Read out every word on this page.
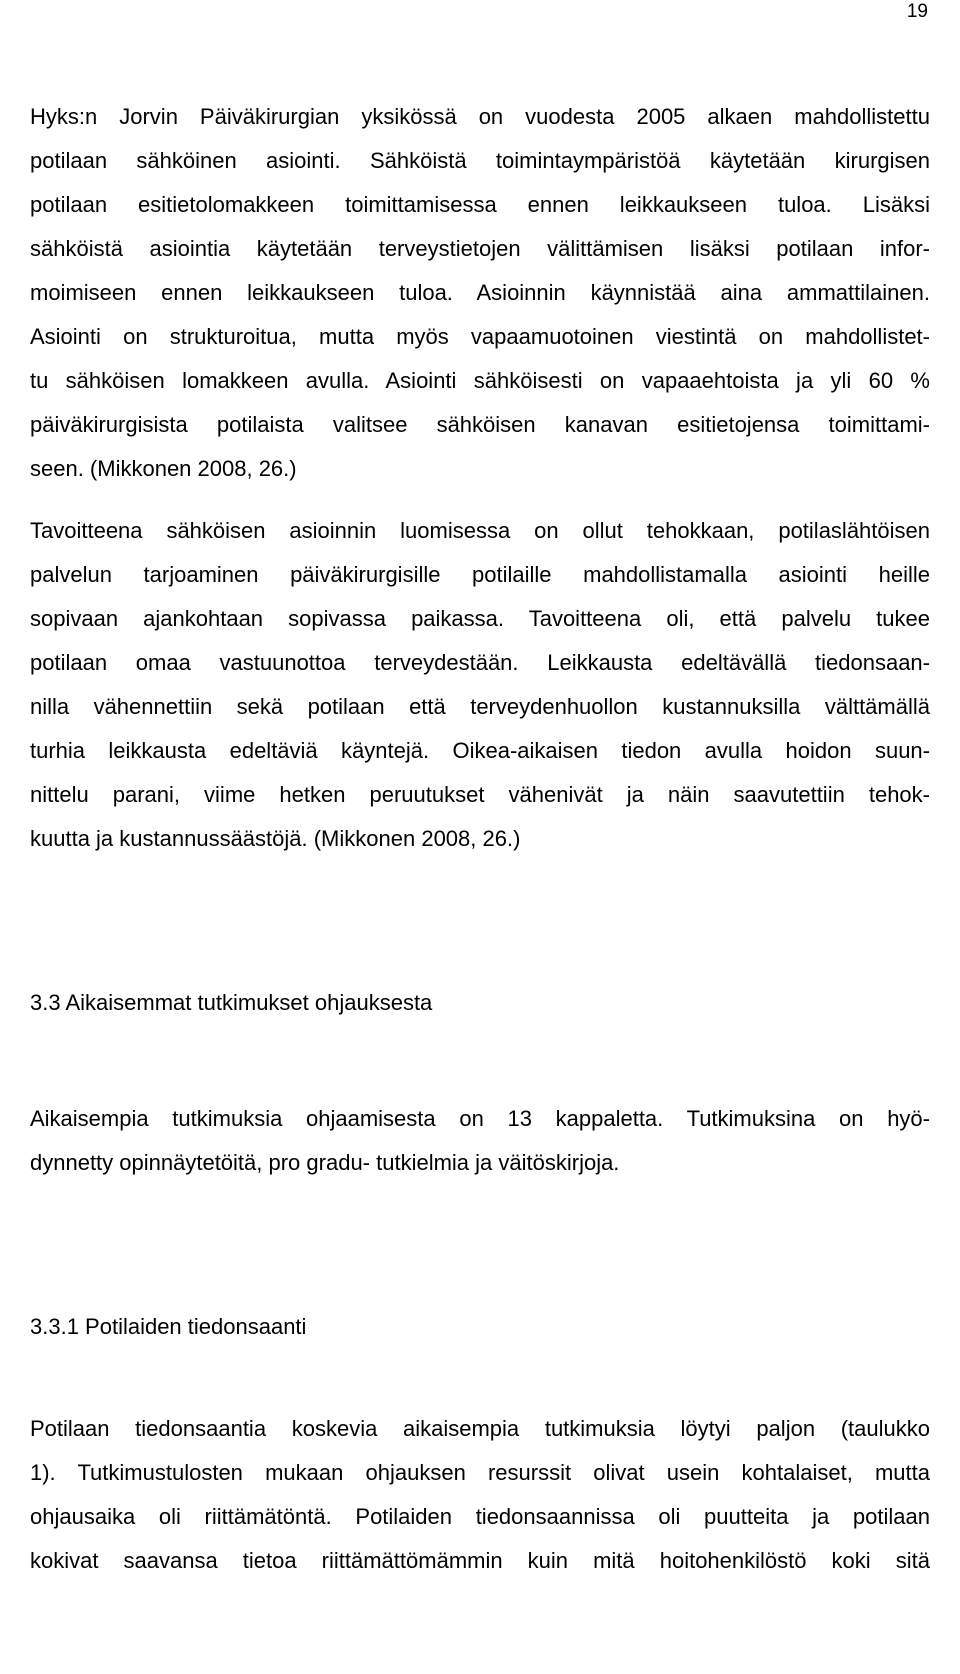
19
Hyks:n Jorvin Päiväkirurgian yksikössä on vuodesta 2005 alkaen mahdollistettu
potilaan sähköinen asiointi. Sähköistä toimintaympäristöä käytetään kirurgisen
potilaan esitietolomakkeen toimittamisessa ennen leikkaukseen tuloa. Lisäksi
sähköistä asiointia käytetään terveystietojen välittämisen lisäksi potilaan infor-
moimiseen ennen leikkaukseen tuloa. Asioinnin käynnistää aina ammattilainen.
Asiointi on strukturoitua, mutta myös vapaamuotoinen viestintä on mahdollistet-
tu sähköisen lomakkeen avulla. Asiointi sähköisesti on vapaaehtoista ja yli 60 %
päiväkirurgisista potilaista valitsee sähköisen kanavan esitietojensa toimittami-
seen. (Mikkonen 2008, 26.)
Tavoitteena sähköisen asioinnin luomisessa on ollut tehokkaan, potilaslähtöisen
palvelun tarjoaminen päiväkirurgisille potilaille mahdollistamalla asiointi heille
sopivaan ajankohtaan sopivassa paikassa. Tavoitteena oli, että palvelu tukee
potilaan omaa vastuunottoa terveydestään. Leikkausta edeltävällä tiedonsaan-
nilla vähennettiin sekä potilaan että terveydenhuollon kustannuksilla välttämällä
turhia leikkausta edeltäviä käyntejä. Oikea-aikaisen tiedon avulla hoidon suun-
nittelu parani, viime hetken peruutukset vähenivät ja näin saavutettiin tehok-
kuutta ja kustannussäästöjä. (Mikkonen 2008, 26.)
3.3 Aikaisemmat tutkimukset ohjauksesta
Aikaisempia tutkimuksia ohjaamisesta on 13 kappaletta. Tutkimuksina on hyö-
dynnetty opinnäytetöitä, pro gradu- tutkielmia ja väitöskirjoja.
3.3.1 Potilaiden tiedonsaanti
Potilaan tiedonsaantia koskevia aikaisempia tutkimuksia löytyi paljon (taulukko
1). Tutkimustulosten mukaan ohjauksen resurssit olivat usein kohtalaiset, mutta
ohjausaika oli riittämätöntä. Potilaiden tiedonsaannissa oli puutteita ja potilaan
kokivat saavansa tietoa riittämättömämmin kuin mitä hoitohenkilöstö koki sitä
